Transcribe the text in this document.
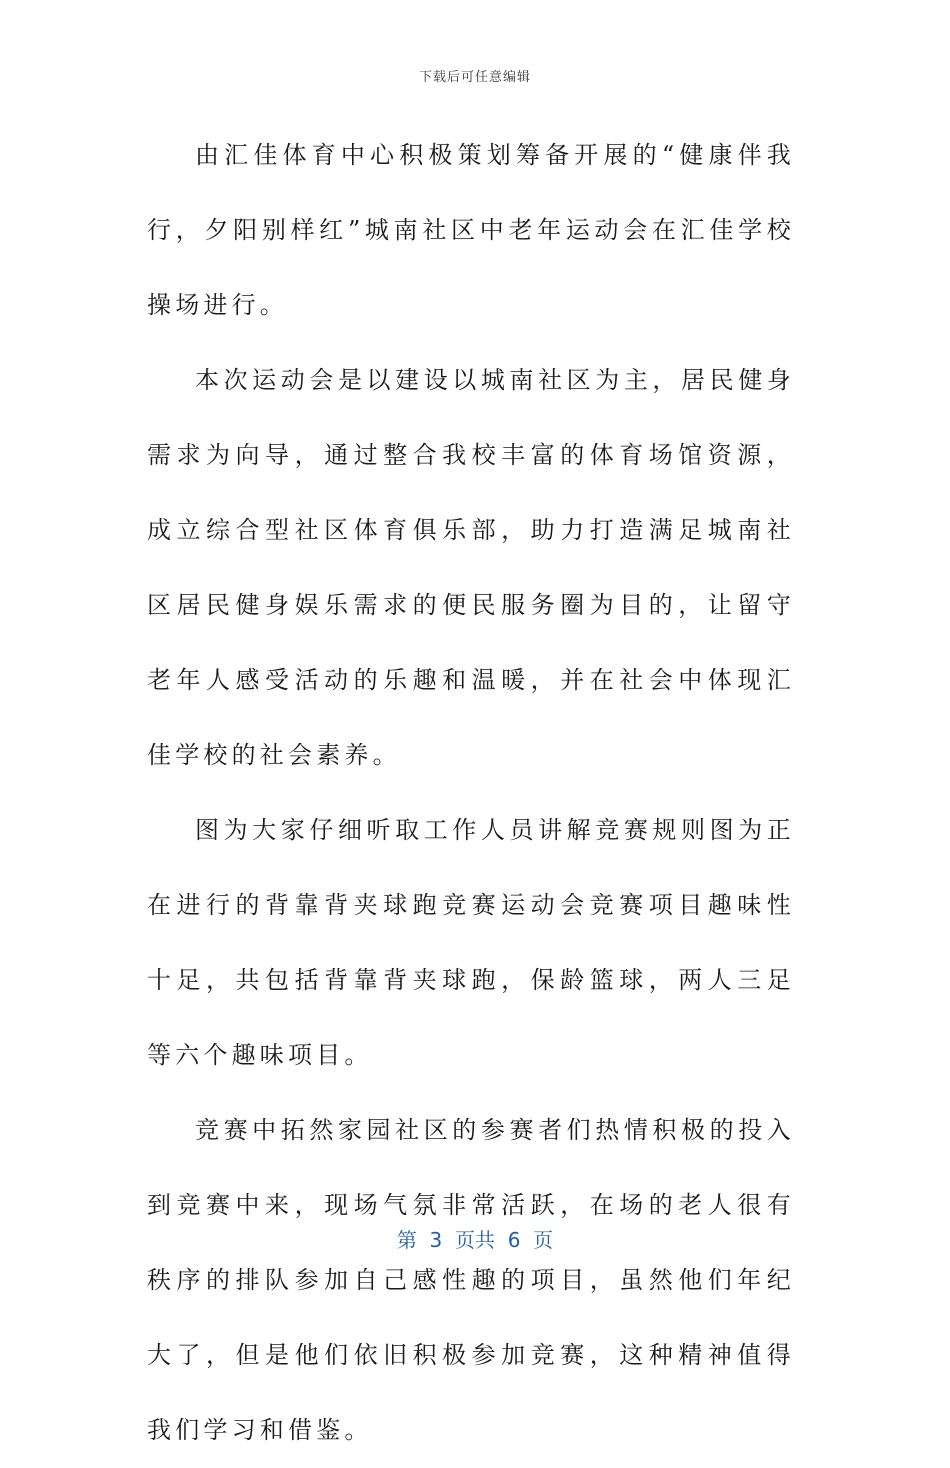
下载后可任意编辑

由汇佳体育中心积极策划筹备开展的“健康伴我行，夕阳别样红”城南社区中老年运动会在汇佳学校操场进行。

本次运动会是以建设以城南社区为主，居民健身需求为向导，通过整合我校丰富的体育场馆资源，成立综合型社区体育俱乐部，助力打造满足城南社区居民健身娱乐需求的便民服务圈为目的，让留守老年人感受活动的乐趣和温暖，并在社会中体现汇佳学校的社会素养。

图为大家仔细听取工作人员讲解竞赛规则图为正在进行的背靠背夹球跑竞赛运动会竞赛项目趣味性十足，共包括背靠背夹球跑，保龄篮球，两人三足等六个趣味项目。

竞赛中拓然家园社区的参赛者们热情积极的投入到竞赛中来，现场气氛非常活跃，在场的老人很有秩序的排队参加自己感性趣的项目，虽然他们年纪大了，但是他们依旧积极参加竞赛，这种精神值得我们学习和借鉴。

第  3  页共  6  页
